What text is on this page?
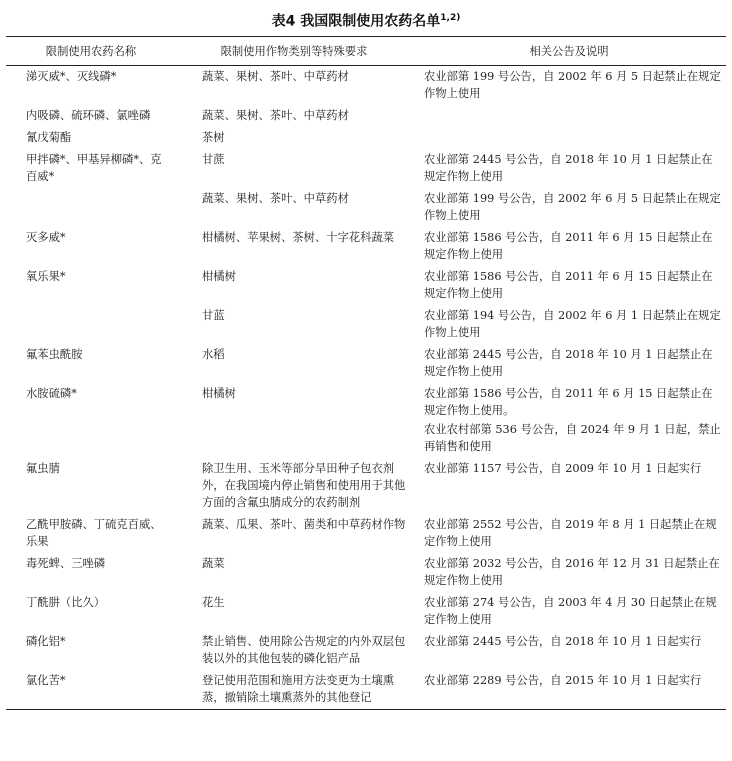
表4 我国限制使用农药名单$^{1,2)}$
限制使用农药名称	限制使用作物类别等特殊要求	相关公告及说明
涕灭威*、灭线磷*	蔬菜、果树、茶叶、中草药材	农业部第 199 号公告，自 2002 年 6 月 5 日起禁止在规定作物上使用

内吸磷、硫环磷、氯唑磷	蔬菜、果树、茶叶、中草药材	
氰戊菊酯	茶树	
甲拌磷*、甲基异柳磷*、克百威*	甘蔗	农业部第 2445 号公告，自 2018 年 10 月 1 日起禁止在规定作物上使用

	蔬菜、果树、茶叶、中草药材	农业部第 199 号公告，自 2002 年 6 月 5 日起禁止在规定作物上使用

灭多威*	柑橘树、苹果树、茶树、十字花科蔬菜	农业部第 1586 号公告，自 2011 年 6 月 15 日起禁止在规定作物上使用

氧乐果*	柑橘树	农业部第 1586 号公告，自 2011 年 6 月 15 日起禁止在规定作物上使用

	甘蓝	农业部第 194 号公告，自 2002 年 6 月 1 日起禁止在规定作物上使用

氟苯虫酰胺	水稻	农业部第 2445 号公告，自 2018 年 10 月 1 日起禁止在规定作物上使用

水胺硫磷*	柑橘树	农业部第 1586 号公告，自 2011 年 6 月 15 日起禁止在规定作物上使用。
农业农村部第 536 号公告，自 2024 年 9 月 1 日起，禁止再销售和使用

氟虫腈	除卫生用、玉米等部分旱田种子包衣剂外，在我国境内停止销售和使用用于其他方面的含氟虫腈成分的农药制剂	农业部第 1157 号公告，自 2009 年 10 月 1 日起实行

乙酰甲胺磷、丁硫克百威、乐果	蔬菜、瓜果、茶叶、菌类和中草药材作物	农业部第 2552 号公告，自 2019 年 8 月 1 日起禁止在规定作物上使用

毒死蜱、三唑磷	蔬菜	农业部第 2032 号公告，自 2016 年 12 月 31 日起禁止在规定作物上使用

丁酰肼（比久）	花生	农业部第 274 号公告，自 2003 年 4 月 30 日起禁止在规定作物上使用

磷化铝*	禁止销售、使用除公告规定的内外双层包装以外的其他包装的磷化铝产品	农业部第 2445 号公告，自 2018 年 10 月 1 日起实行

氯化苦*	登记使用范围和施用方法变更为土壤熏蒸，撤销除土壤熏蒸外的其他登记	农业部第 2289 号公告，自 2015 年 10 月 1 日起实行
